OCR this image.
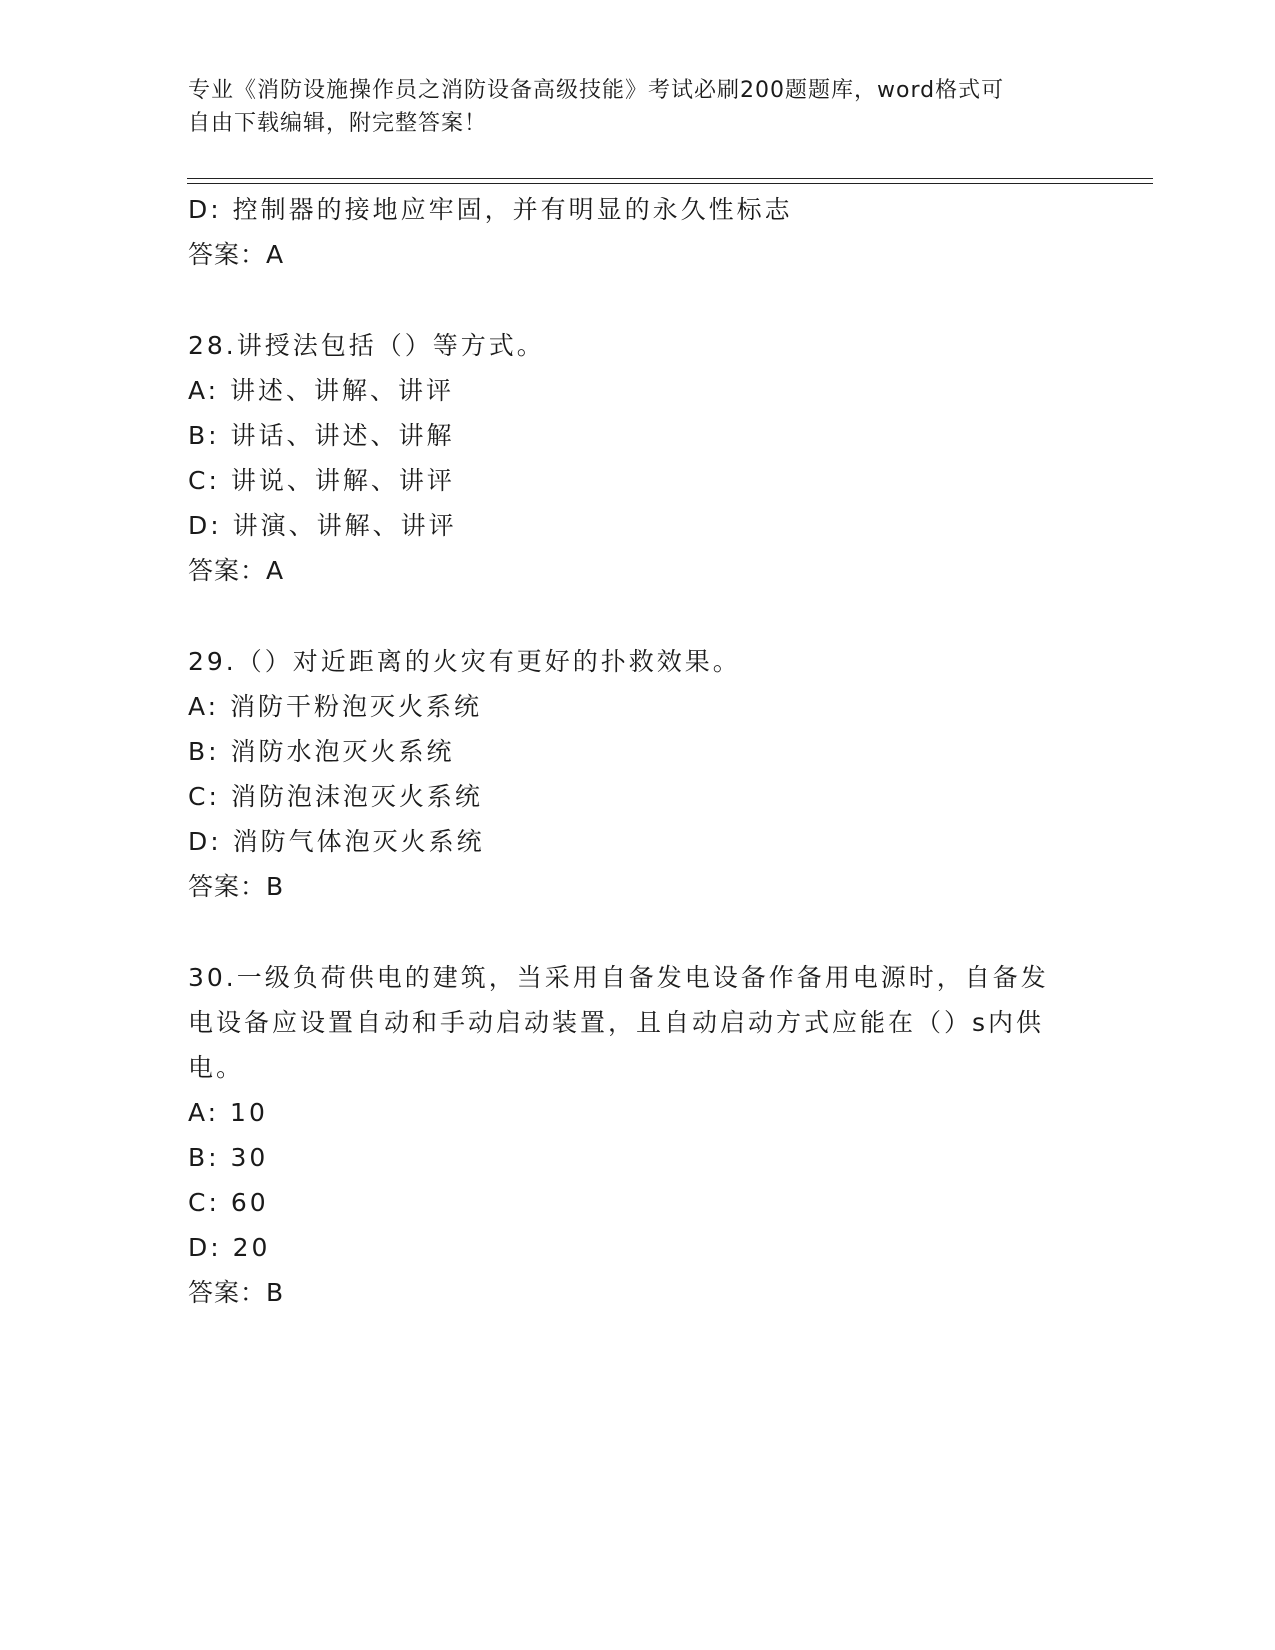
专业《消防设施操作员之消防设备高级技能》考试必刷200题题库，word格式可
自由下载编辑，附完整答案！
D: 控制器的接地应牢固，并有明显的永久性标志
答案：A
28.讲授法包括（）等方式。
A: 讲述、讲解、讲评
B: 讲话、讲述、讲解
C: 讲说、讲解、讲评
D: 讲演、讲解、讲评
答案：A
29.（）对近距离的火灾有更好的扑救效果。
A: 消防干粉泡灭火系统
B: 消防水泡灭火系统
C: 消防泡沫泡灭火系统
D: 消防气体泡灭火系统
答案：B
30.一级负荷供电的建筑，当采用自备发电设备作备用电源时，自备发
电设备应设置自动和手动启动装置，且自动启动方式应能在（）s内供
电。
A: 10
B: 30
C: 60
D: 20
答案：B
